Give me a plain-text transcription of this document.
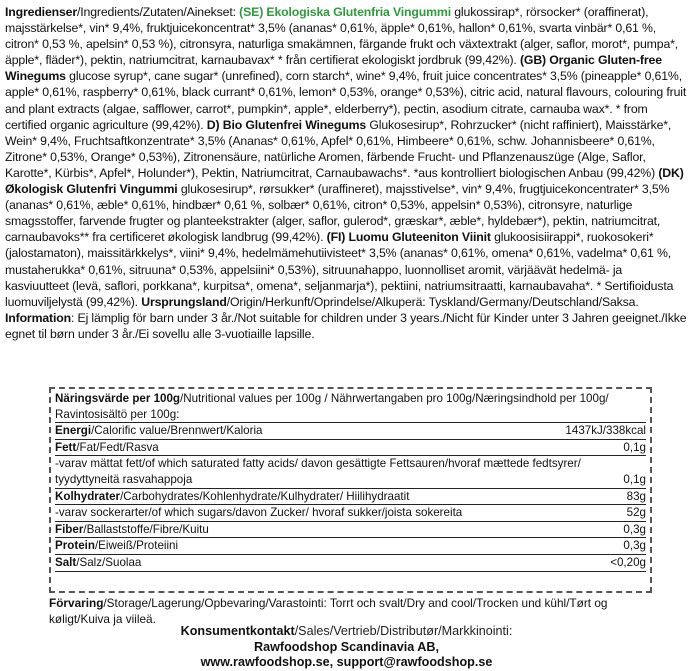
Ingredienser/Ingredients/Zutaten/Ainekset: (SE) Ekologiska Glutenfria Vingummi glukossirap*, rörsocker* (oraffinerat), majsstärkelse*, vin* 9,4%, fruktjuicekoncentrat* 3,5% (ananas* 0,61%, äpple* 0,61%, hallon* 0,61%, svarta vinbär* 0,61 %, citron* 0,53 %, apelsin* 0,53 %), citronsyra, naturliga smakämnen, färgande frukt och växtextrakt (alger, saflor, morot*, pumpa*, äpple*, fläder*), pektin, natriumcitrat, karnaubavax* * från certifierat ekologiskt jordbruk (99,42%). (GB) Organic Gluten-free Winegums glucose syrup*, cane sugar* (unrefined), corn starch*, wine* 9,4%, fruit juice concentrates* 3,5% (pineapple* 0,61%, apple* 0,61%, raspberry* 0,61%, black currant* 0,61%, lemon* 0,53%, orange* 0,53%), citric acid, natural flavours, colouring fruit and plant extracts (algae, safflower, carrot*, pumpkin*, apple*, elderberry*), pectin, asodium citrate, carnauba wax*. * from certified organic agriculture (99,42%). D) Bio Glutenfrei Winegums Glukosesirup*, Rohrzucker* (nicht raffiniert), Maisstärke*, Wein* 9,4%, Fruchtsaftkonzentrate* 3,5% (Ananas* 0,61%, Apfel* 0,61%, Himbeere* 0,61%, schw. Johannisbeere* 0,61%, Zitrone* 0,53%, Orange* 0,53%), Zitronensäure, natürliche Aromen, färbende Frucht- und Pflanzenauszüge (Alge, Saflor, Karotte*, Kürbis*, Apfel*, Holunder*), Pektin, Natriumcitrat, Carnaubawachs*. *aus kontrolliert biologischen Anbau (99,42%) (DK) Økologisk Glutenfri Vingummi glukosesirup*, rørsukker* (uraffineret), majsstivelse*, vin* 9,4%, frugtjuicekoncentrater* 3,5% (ananas* 0,61%, æble* 0,61%, hindbær* 0,61 %, solbær* 0,61%, citron* 0,53%, appelsin* 0,53%), citronsyre, naturlige smagsstoffer, farvende frugter og planteekstrakter (alger, saflor, gulerod*, græskar*, æble*, hyldebær*), pektin, natriumcitrat, carnaubavoks** fra certificeret økologisk landbrug (99,42%). (FI) Luomu Gluteeniton Viinit glukoosisiirappi*, ruokosokeri* (jalostamaton), maissitärkkelys*, viini* 9,4%, hedelmämehutiivisteet* 3,5% (ananas* 0,61%, omena* 0,61%, vadelma* 0,61 %, mustaherukka* 0,61%, sitruuna* 0,53%, appelsiini* 0,53%), sitruunahappo, luonnolliset aromit, värjäävät hedelmä- ja kasviuutteet (levä, saflori, porkkana*, kurpitsa*, omena*, seljanmarja*), pektiini, natriumsitraatti, karnaubavaha*. * Sertifioidusta luomuviljelystä (99,42%). Ursprungsland/Origin/Herkunft/Oprindelse/Alkuperä: Tyskland/Germany/Deutschland/Saksa. Information: Ej lämplig för barn under 3 år./Not suitable for children under 3 years./Nicht für Kinder unter 3 Jahren geeignet./Ikke egnet til børn under 3 år./Ei sovellu alle 3-vuotiaille lapsille.
Näringsvärde per 100g/Nutritional values per 100g / Nährwertangaben pro 100g/Næringsindhold per 100g/
Ravintosisältö per 100g:
Energi/Calorific value/Brennwert/Kaloria	1437kJ/338kcal
Fett/Fat/Fedt/Rasva	0,1g
-varav mättat fett/of which saturated fatty acids/ davon gesättigte Fettsauren/hvoraf mættede fedtsyrer/ tyydyttyneitä rasvahappoja	0,1g
Kolhydrater/Carbohydrates/Kohlenhydrate/Kulhydrater/ Hiilihydraatit	83g
-varav sockerarter/of which sugars/davon Zucker/ hvoraf sukker/joista sokereita	52g
Fiber/Ballaststoffe/Fibre/Kuitu	0,3g
Protein/Eiweiß/Proteiini	0,3g
Salt/Salz/Suolaa	<0,20g
Förvaring/Storage/Lagerung/Opbevaring/Varastointi: Torrt och svalt/Dry and cool/Trocken und kühl/Tørt og køligt/Kuiva ja viileä.
Konsumentkontakt/Sales/Vertrieb/Distributør/Markkinointi:
Rawfoodshop Scandinavia AB,
www.rawfoodshop.se, support@rawfoodshop.se
